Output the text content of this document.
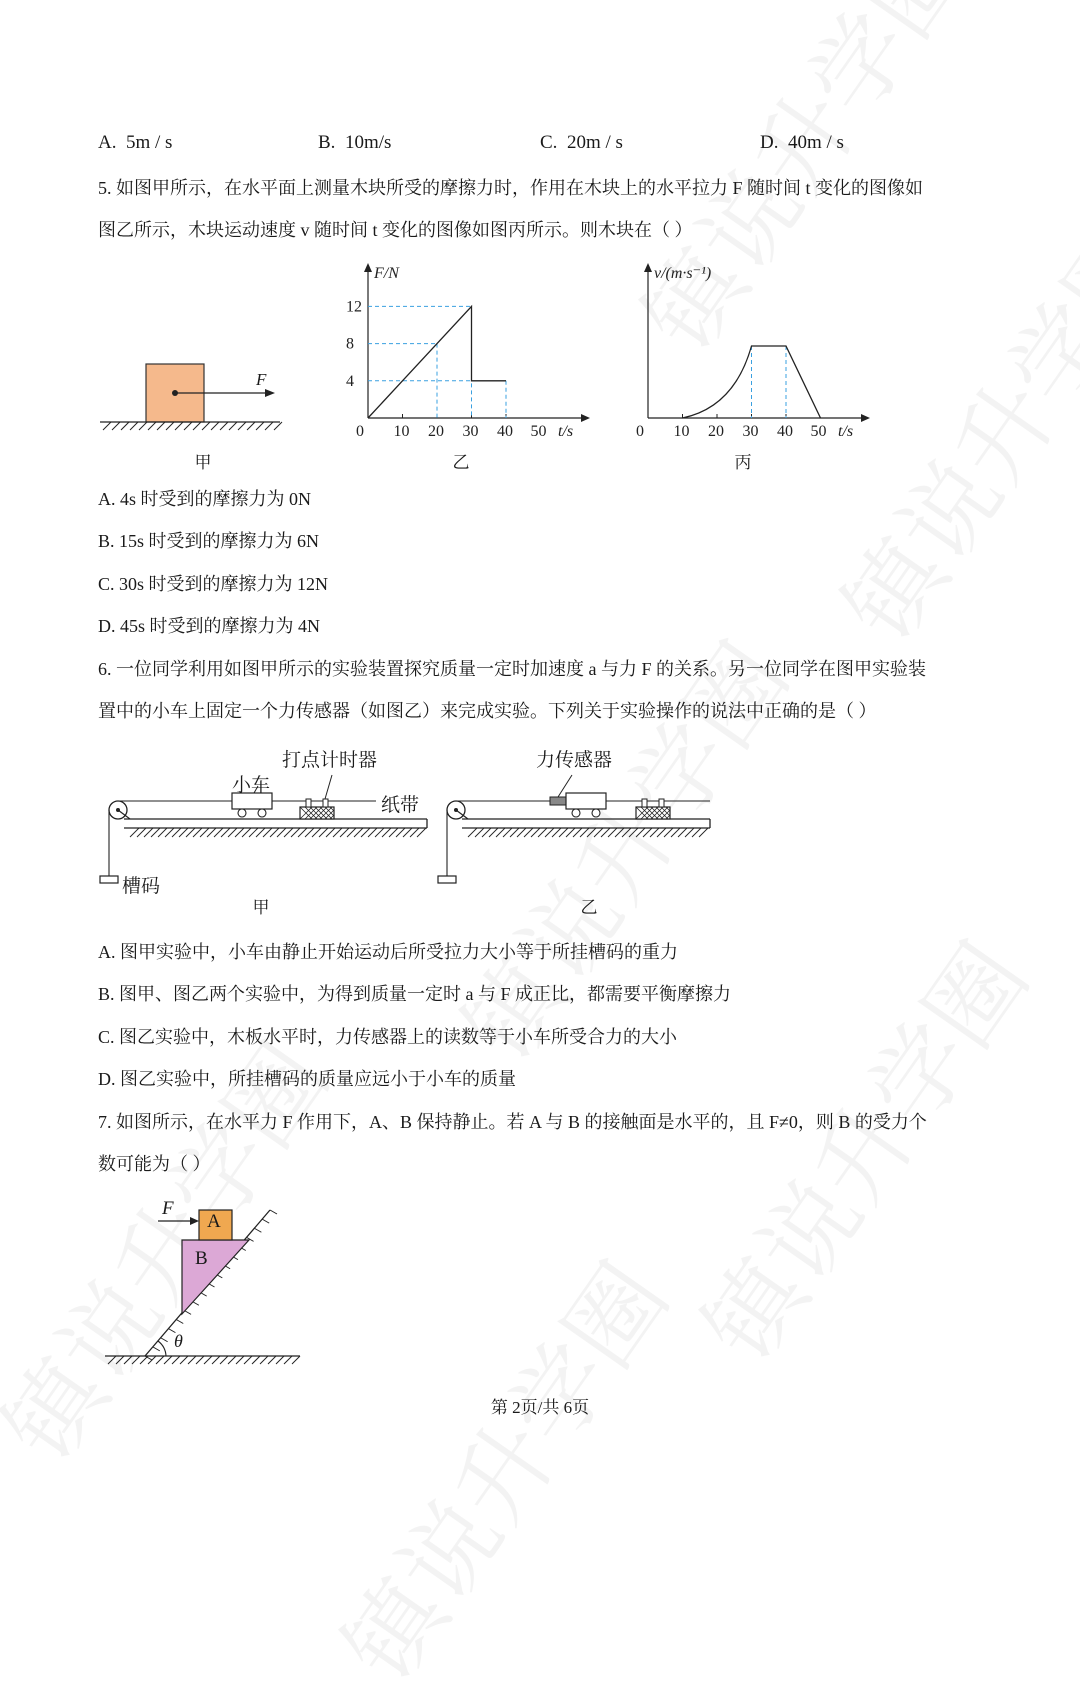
A. 5m / s	B. 10m/s	C. 20m / s	D. 40m / s
5. 如图甲所示，在水平面上测量木块所受的摩擦力时，作用在木块上的水平拉力 F 随时间 t 变化的图像如
图乙所示，木块运动速度 v 随时间 t 变化的图像如图丙所示。则木块在（ ）
F
甲
F/N
t/s
0 10 20 30 40 50
4
8
12
乙
v/(m·s⁻¹)
t/s
0 10 20 30 40 50
丙
A. 4s 时受到的摩擦力为 0N
B. 15s 时受到的摩擦力为 6N
C. 30s 时受到的摩擦力为 12N
D. 45s 时受到的摩擦力为 4N
6. 一位同学利用如图甲所示的实验装置探究质量一定时加速度 a 与力 F 的关系。另一位同学在图甲实验装
置中的小车上固定一个力传感器（如图乙）来完成实验。下列关于实验操作的说法中正确的是（ ）
打点计时器
小车
纸带
槽码
甲
力传感器
乙
A. 图甲实验中，小车由静止开始运动后所受拉力大小等于所挂槽码的重力
B. 图甲、图乙两个实验中，为得到质量一定时 a 与 F 成正比，都需要平衡摩擦力
C. 图乙实验中，木板水平时，力传感器上的读数等于小车所受合力的大小
D. 图乙实验中，所挂槽码的质量应远小于小车的质量
7. 如图所示，在水平力 F 作用下，A、B 保持静止。若 A 与 B 的接触面是水平的，且 F≠0，则 B 的受力个
数可能为（ ）
F
A
B
θ
第 2页/共 6页
